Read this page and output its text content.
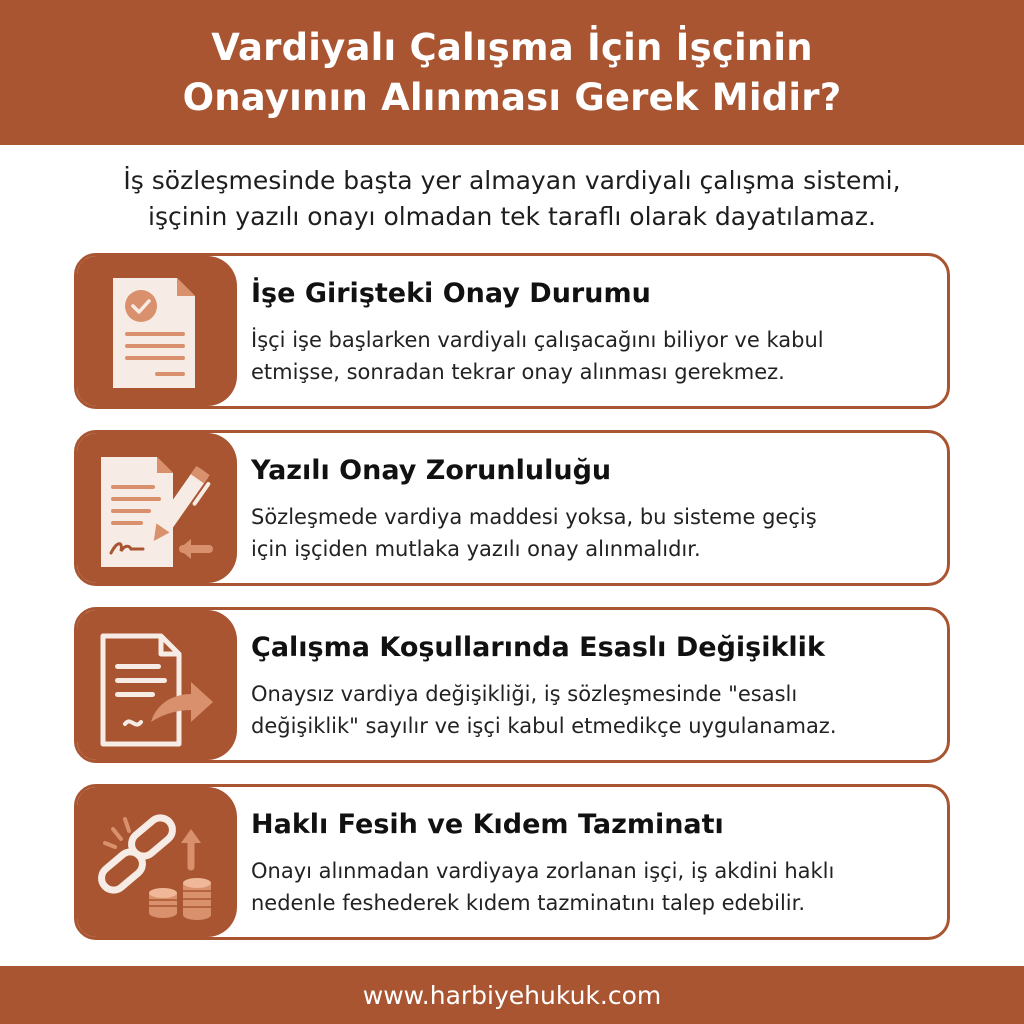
Vardiyalı Çalışma İçin İşçinin
Onayının Alınması Gerek Midir?
İş sözleşmesinde başta yer almayan vardiyalı çalışma sistemi,
işçinin yazılı onayı olmadan tek taraflı olarak dayatılamaz.
İşe Girişteki Onay Durumu
İşçi işe başlarken vardiyalı çalışacağını biliyor ve kabul
etmişse, sonradan tekrar onay alınması gerekmez.
Yazılı Onay Zorunluluğu
Sözleşmede vardiya maddesi yoksa, bu sisteme geçiş
için işçiden mutlaka yazılı onay alınmalıdır.
Çalışma Koşullarında Esaslı Değişiklik
Onaysız vardiya değişikliği, iş sözleşmesinde "esaslı
değişiklik" sayılır ve işçi kabul etmedikçe uygulanamaz.
Haklı Fesih ve Kıdem Tazminatı
Onayı alınmadan vardiyaya zorlanan işçi, iş akdini haklı
nedenle feshederek kıdem tazminatını talep edebilir.
www.harbiyehukuk.com
